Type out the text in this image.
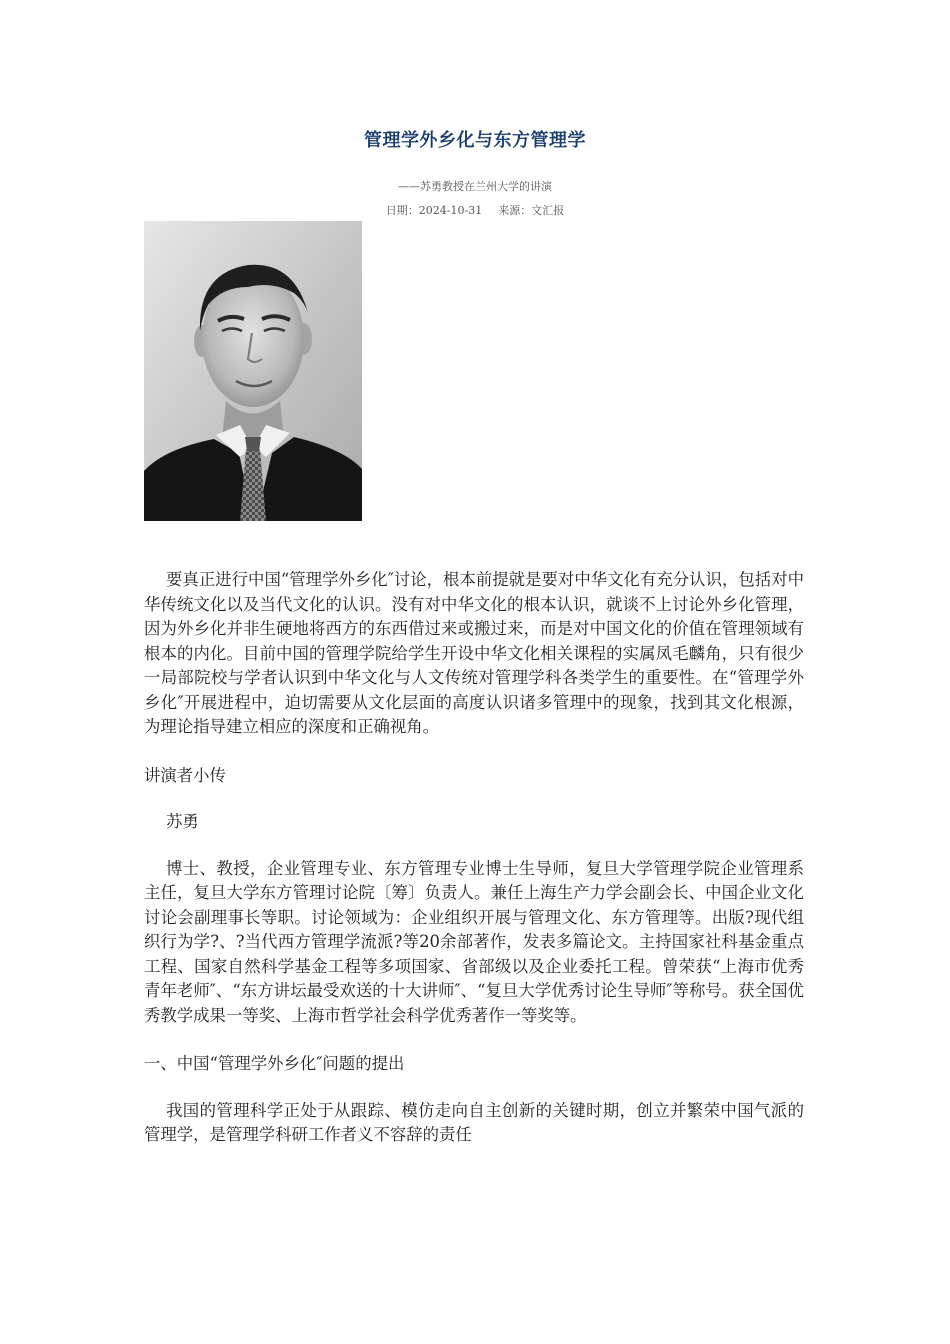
管理学外乡化与东方管理学
——苏勇教授在兰州大学的讲演
日期：2024-10-31 来源：文汇报

要真正进行中国“管理学外乡化″讨论，根本前提就是要对中华文化有充分认识，包括对中华传统文化以及当代文化的认识。没有对中华文化的根本认识，就谈不上讨论外乡化管理，因为外乡化并非生硬地将西方的东西借过来或搬过来，而是对中国文化的价值在管理领域有根本的内化。目前中国的管理学院给学生开设中华文化相关课程的实属凤毛麟角，只有很少一局部院校与学者认识到中华文化与人文传统对管理学科各类学生的重要性。在“管理学外乡化″开展进程中，迫切需要从文化层面的高度认识诸多管理中的现象，找到其文化根源，为理论指导建立相应的深度和正确视角。

讲演者小传

苏勇

博士、教授，企业管理专业、东方管理专业博士生导师，复旦大学管理学院企业管理系主任，复旦大学东方管理讨论院〔筹〕负责人。兼任上海生产力学会副会长、中国企业文化讨论会副理事长等职。讨论领域为：企业组织开展与管理文化、东方管理等。出版?现代组织行为学?、?当代西方管理学流派?等20余部著作，发表多篇论文。主持国家社科基金重点工程、国家自然科学基金工程等多项国家、省部级以及企业委托工程。曾荣获“上海市优秀青年老师″、“东方讲坛最受欢送的十大讲师″、“复旦大学优秀讨论生导师″等称号。获全国优秀教学成果一等奖、上海市哲学社会科学优秀著作一等奖等。

一、中国“管理学外乡化″问题的提出

我国的管理科学正处于从跟踪、模仿走向自主创新的关键时期，创立并繁荣中国气派的管理学，是管理学科研工作者义不容辞的责任
